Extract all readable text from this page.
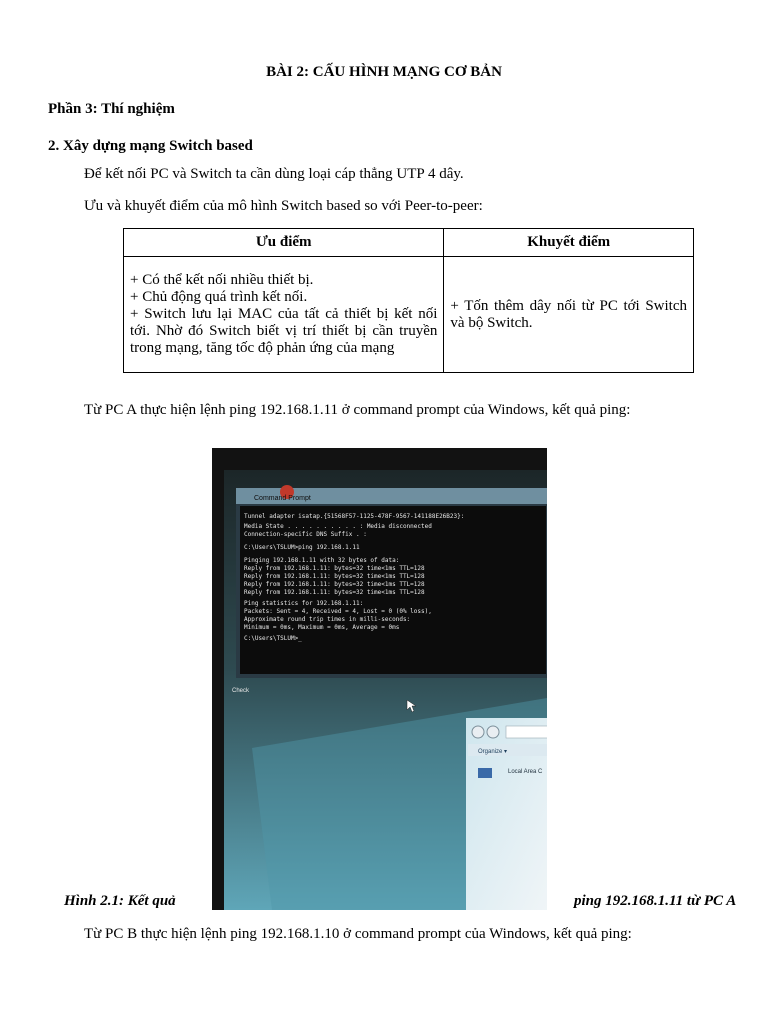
BÀI 2: CẤU HÌNH MẠNG CƠ BẢN
Phần 3: Thí nghiệm
2. Xây dựng mạng Switch based
Để kết nối PC và Switch ta cần dùng loại cáp thẳng UTP 4 dây.
Ưu và khuyết điểm của mô hình Switch based so với Peer-to-peer:
Ưu điểm	Khuyết điểm

+ Có thể kết nối nhiều thiết bị.
+ Chủ động quá trình kết nối.
+ Switch lưu lại MAC của tất cả thiết bị kết nối tới. Nhờ đó Switch biết vị trí thiết bị cần truyền trong mạng, tăng tốc độ phản ứng của mạng	+ Tốn thêm dây nối từ PC tới Switch và bộ Switch.
Từ PC A thực hiện lệnh ping 192.168.1.11 ở command prompt của Windows, kết quả ping:
Command Prompt
Tunnel adapter isatap.{51568F57-1125-478F-9567-141188E26B23}:
Media State . . . . . . . . . . : Media disconnected
Connection-specific DNS Suffix . :
C:\Users\TSLUM>ping 192.168.1.11
Pinging 192.168.1.11 with 32 bytes of data:
Reply from 192.168.1.11: bytes=32 time<1ms TTL=128
Reply from 192.168.1.11: bytes=32 time<1ms TTL=128
Reply from 192.168.1.11: bytes=32 time<1ms TTL=128
Reply from 192.168.1.11: bytes=32 time<1ms TTL=128
Ping statistics for 192.168.1.11:
Packets: Sent = 4, Received = 4, Lost = 0 (0% loss),
Approximate round trip times in milli-seconds:
Minimum = 0ms, Maximum = 0ms, Average = 0ms
C:\Users\TSLUM>_
Check
Organize ▾
Local Area C
Hình 2.1: Kết quả	ping 192.168.1.11 từ PC A
Từ PC B thực hiện lệnh ping 192.168.1.10 ở command prompt của Windows, kết quả ping:
